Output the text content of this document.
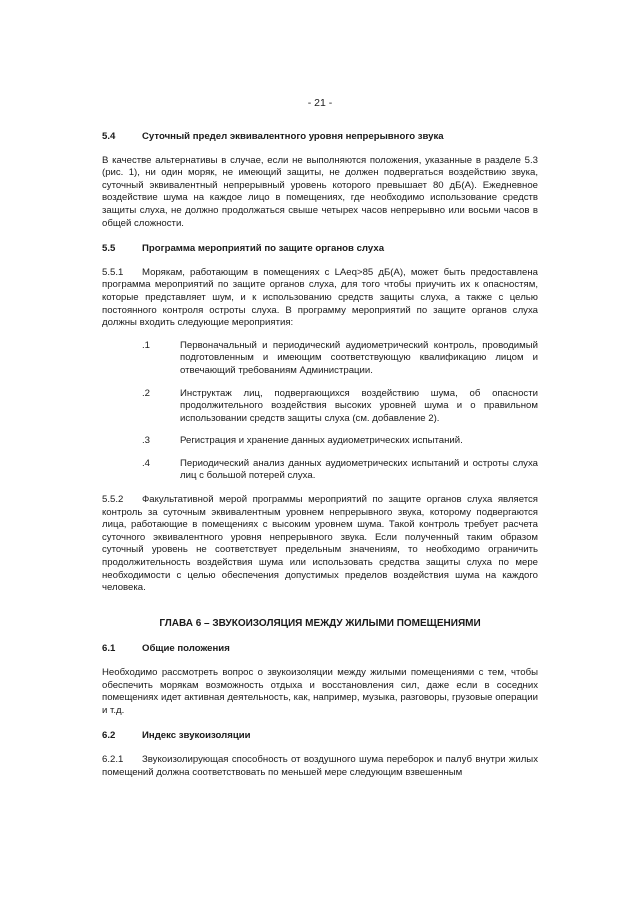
- 21 -
5.4	Суточный предел эквивалентного уровня непрерывного звука

В качестве альтернативы в случае, если не выполняются положения, указанные в разделе 5.3 (рис. 1), ни один моряк, не имеющий защиты, не должен подвергаться воздействию звука, суточный эквивалентный непрерывный уровень которого превышает 80 дБ(А). Ежедневное воздействие шума на каждое лицо в помещениях, где необходимо использование средств защиты слуха, не должно продолжаться свыше четырех часов непрерывно или восьми часов в общей сложности.

5.5	Программа мероприятий по защите органов слуха

5.5.1 Морякам, работающим в помещениях с LAeq>85 дБ(А), может быть предоставлена программа мероприятий по защите органов слуха, для того чтобы приучить их к опасностям, которые представляет шум, и к использованию средств защиты слуха, а также с целью постоянного контроля остроты слуха. В программу мероприятий по защите органов слуха должны входить следующие мероприятия:

.1	Первоначальный и периодический аудиометрический контроль, проводимый подготовленным и имеющим соответствующую квалификацию лицом и отвечающий требованиям Администрации.
.2	Инструктаж лиц, подвергающихся воздействию шума, об опасности продолжительного воздействия высоких уровней шума и о правильном использовании средств защиты слуха (см. добавление 2).
.3	Регистрация и хранение данных аудиометрических испытаний.
.4	Периодический анализ данных аудиометрических испытаний и остроты слуха лиц с большой потерей слуха.

5.5.2 Факультативной мерой программы мероприятий по защите органов слуха является контроль за суточным эквивалентным уровнем непрерывного звука, которому подвергаются лица, работающие в помещениях с высоким уровнем шума. Такой контроль требует расчета суточного эквивалентного уровня непрерывного звука. Если полученный таким образом суточный уровень не соответствует предельным значениям, то необходимо ограничить продолжительность воздействия шума или использовать средства защиты слуха по мере необходимости с целью обеспечения допустимых пределов воздействия шума на каждого человека.

ГЛАВА 6 – ЗВУКОИЗОЛЯЦИЯ МЕЖДУ ЖИЛЫМИ ПОМЕЩЕНИЯМИ
6.1	Общие положения

Необходимо рассмотреть вопрос о звукоизоляции между жилыми помещениями с тем, чтобы обеспечить морякам возможность отдыха и восстановления сил, даже если в соседних помещениях идет активная деятельность, как, например, музыка, разговоры, грузовые операции и т.д.

6.2	Индекс звукоизоляции

6.2.1 Звукоизолирующая способность от воздушного шума переборок и палуб внутри жилых помещений должна соответствовать по меньшей мере следующим взвешенным
